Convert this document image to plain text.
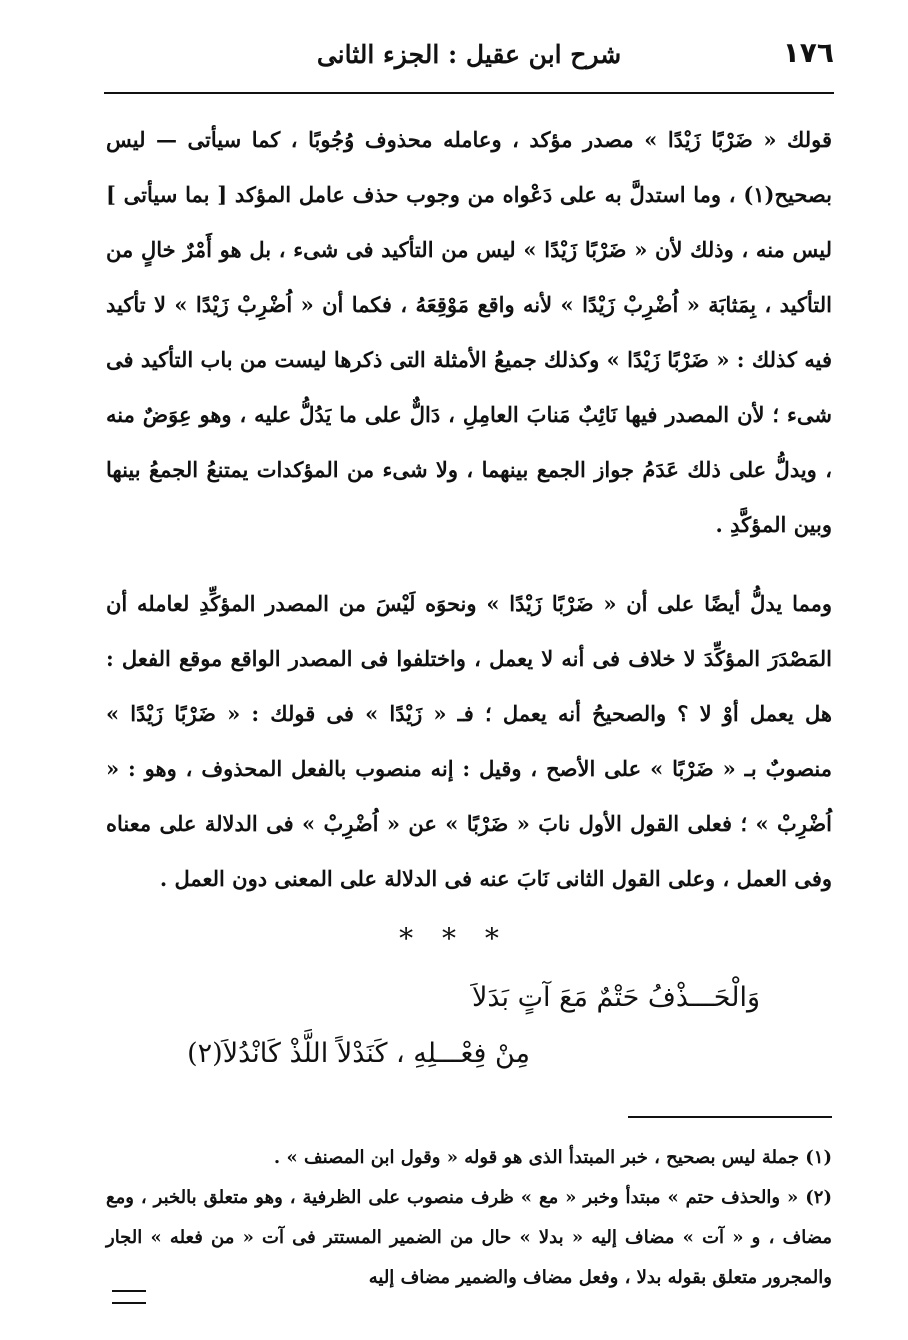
١٧٦
شرح ابن عقيل : الجزء الثانى

قولك « ضَرْبًا زَيْدًا » مصدر مؤكد ، وعامله محذوف وُجُوبًا ، كما سيأتى — ليس بصحيح(١) ، وما استدلَّ به على دَعْواه من وجوب حذف عامل المؤكد [ بما سيأتى ] ليس منه ، وذلك لأن « ضَرْبًا زَيْدًا » ليس من التأكيد فى شىء ، بل هو أَمْرٌ خالٍ من التأكيد ، بِمَثابَة « اُضْرِبْ زَيْدًا » لأنه واقع مَوْقِعَهُ ، فكما أن « اُضْرِبْ زَيْدًا » لا تأكيد فيه كذلك : « ضَرْبًا زَيْدًا » وكذلك جميعُ الأمثلة التى ذكرها ليست من باب التأكيد فى شىء ؛ لأن المصدر فيها نَائِبٌ مَنابَ العامِلِ ، دَالٌّ على ما يَدُلُّ عليه ، وهو عِوَضٌ منه ، ويدلُّ على ذلك عَدَمُ جواز الجمع بينهما ، ولا شىء من المؤكدات يمتنعُ الجمعُ بينها وبين المؤكَّدِ .

ومما يدلُّ أيضًا على أن « ضَرْبًا زَيْدًا » ونحوَه لَيْسَ من المصدر المؤكِّدِ لعامله أن المَصْدَرَ المؤكِّدَ لا خلاف فى أنه لا يعمل ، واختلفوا فى المصدر الواقع موقع الفعل : هل يعمل أوْ لا ؟ والصحيحُ أنه يعمل ؛ فـ « زَيْدًا » فى قولك : « ضَرْبًا زَيْدًا » منصوبٌ بـ « ضَرْبًا » على الأصح ، وقيل : إنه منصوب بالفعل المحذوف ، وهو : « اُضْرِبْ » ؛ فعلى القول الأول نابَ « ضَرْبًا » عن « اُضْرِبْ » فى الدلالة على معناه وفى العمل ، وعلى القول الثانى نَابَ عنه فى الدلالة على المعنى دون العمل .

* * *
وَالْحَـــذْفُ حَتْمٌ مَعَ آتٍ بَدَلاَ
مِنْ فِعْـــلِهِ ، كَنَدْلاً اللَّذْ كَانْدُلاَ(٢)

(١) جملة ليس بصحيح ، خبر المبتدأ الذى هو قوله « وقول ابن المصنف » .

(٢) « والحذف حتم » مبتدأ وخبر « مع » ظرف منصوب على الظرفية ، وهو متعلق بالخبر ، ومع مضاف ، و « آت » مضاف إليه « بدلا » حال من الضمير المستتر فى آت « من فعله » الجار والمجرور متعلق بقوله بدلا ، وفعل مضاف والضمير مضاف إليه
